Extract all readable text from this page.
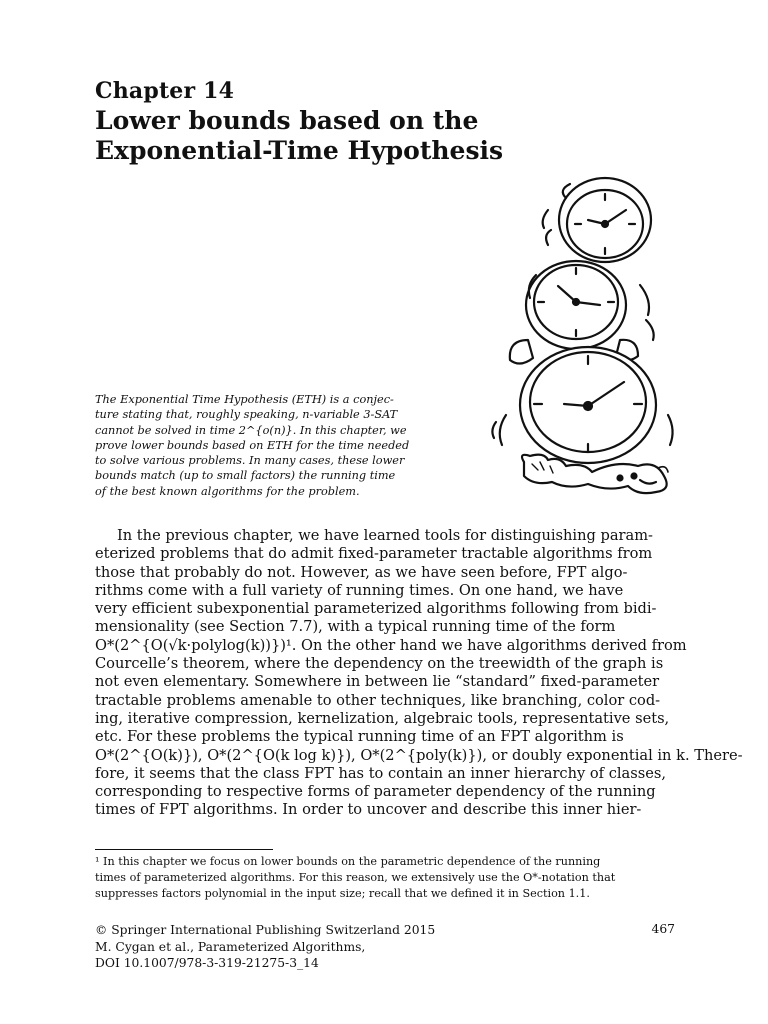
Chapter 14
Lower bounds based on the
Exponential-Time Hypothesis
The Exponential Time Hypothesis (ETH) is a conjec-
ture stating that, roughly speaking, n-variable 3-SAT
cannot be solved in time 2^{o(n)}. In this chapter, we
prove lower bounds based on ETH for the time needed
to solve various problems. In many cases, these lower
bounds match (up to small factors) the running time
of the best known algorithms for the problem.
In the previous chapter, we have learned tools for distinguishing param-
eterized problems that do admit fixed-parameter tractable algorithms from
those that probably do not. However, as we have seen before, FPT algo-
rithms come with a full variety of running times. On one hand, we have
very efficient subexponential parameterized algorithms following from bidi-
mensionality (see Section 7.7), with a typical running time of the form
O*(2^{O(√k·polylog(k))})¹. On the other hand we have algorithms derived from
Courcelle’s theorem, where the dependency on the treewidth of the graph is
not even elementary. Somewhere in between lie “standard” fixed-parameter
tractable problems amenable to other techniques, like branching, color cod-
ing, iterative compression, kernelization, algebraic tools, representative sets,
etc. For these problems the typical running time of an FPT algorithm is
O*(2^{O(k)}), O*(2^{O(k log k)}), O*(2^{poly(k)}), or doubly exponential in k. There-
fore, it seems that the class FPT has to contain an inner hierarchy of classes,
corresponding to respective forms of parameter dependency of the running
times of FPT algorithms. In order to uncover and describe this inner hier-
¹ In this chapter we focus on lower bounds on the parametric dependence of the running
times of parameterized algorithms. For this reason, we extensively use the O*-notation that
suppresses factors polynomial in the input size; recall that we defined it in Section 1.1.
© Springer International Publishing Switzerland 2015
M. Cygan et al., Parameterized Algorithms,
DOI 10.1007/978-3-319-21275-3_14
467
